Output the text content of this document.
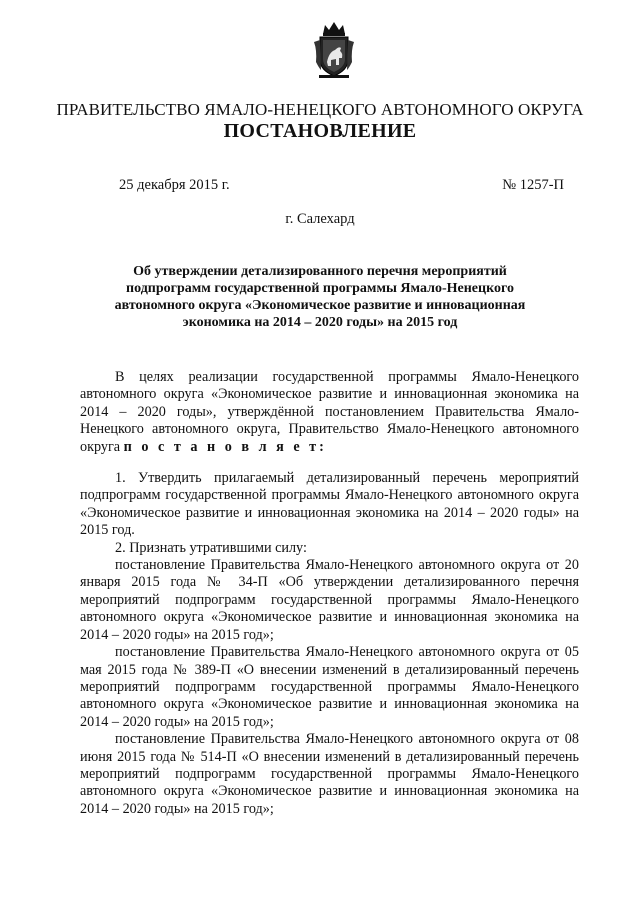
ПРАВИТЕЛЬСТВО ЯМАЛО-НЕНЕЦКОГО АВТОНОМНОГО ОКРУГА
ПОСТАНОВЛЕНИЕ
25 декабря 2015 г.	№ 1257-П
г. Салехард
Об утверждении детализированного перечня мероприятий
подпрограмм государственной программы Ямало-Ненецкого
автономного округа «Экономическое развитие и инновационная
экономика на 2014 – 2020 годы» на 2015 год

В целях реализации государственной программы Ямало-Ненецкого автономного округа «Экономическое развитие и инновационная экономика на 2014 – 2020 годы», утверждённой постановлением Правительства Ямало-Ненецкого автономного округа, Правительство Ямало-Ненецкого автономного округа п о с т а н о в л я е т:

1. Утвердить прилагаемый детализированный перечень мероприятий подпрограмм государственной программы Ямало-Ненецкого автономного округа «Экономическое развитие и инновационная экономика на 2014 – 2020 годы» на 2015 год.

2. Признать утратившими силу:

постановление Правительства Ямало-Ненецкого автономного округа от 20 января 2015 года № 34-П «Об утверждении детализированного перечня мероприятий подпрограмм государственной программы Ямало-Ненецкого автономного округа «Экономическое развитие и инновационная экономика на 2014 – 2020 годы» на 2015 год»;

постановление Правительства Ямало-Ненецкого автономного округа от 05 мая 2015 года № 389-П «О внесении изменений в детализированный перечень мероприятий подпрограмм государственной программы Ямало-Ненецкого автономного округа «Экономическое развитие и инновационная экономика на 2014 – 2020 годы» на 2015 год»;

постановление Правительства Ямало-Ненецкого автономного округа от 08 июня 2015 года № 514-П «О внесении изменений в детализированный перечень мероприятий подпрограмм государственной программы Ямало-Ненецкого автономного округа «Экономическое развитие и инновационная экономика на 2014 – 2020 годы» на 2015 год»;
